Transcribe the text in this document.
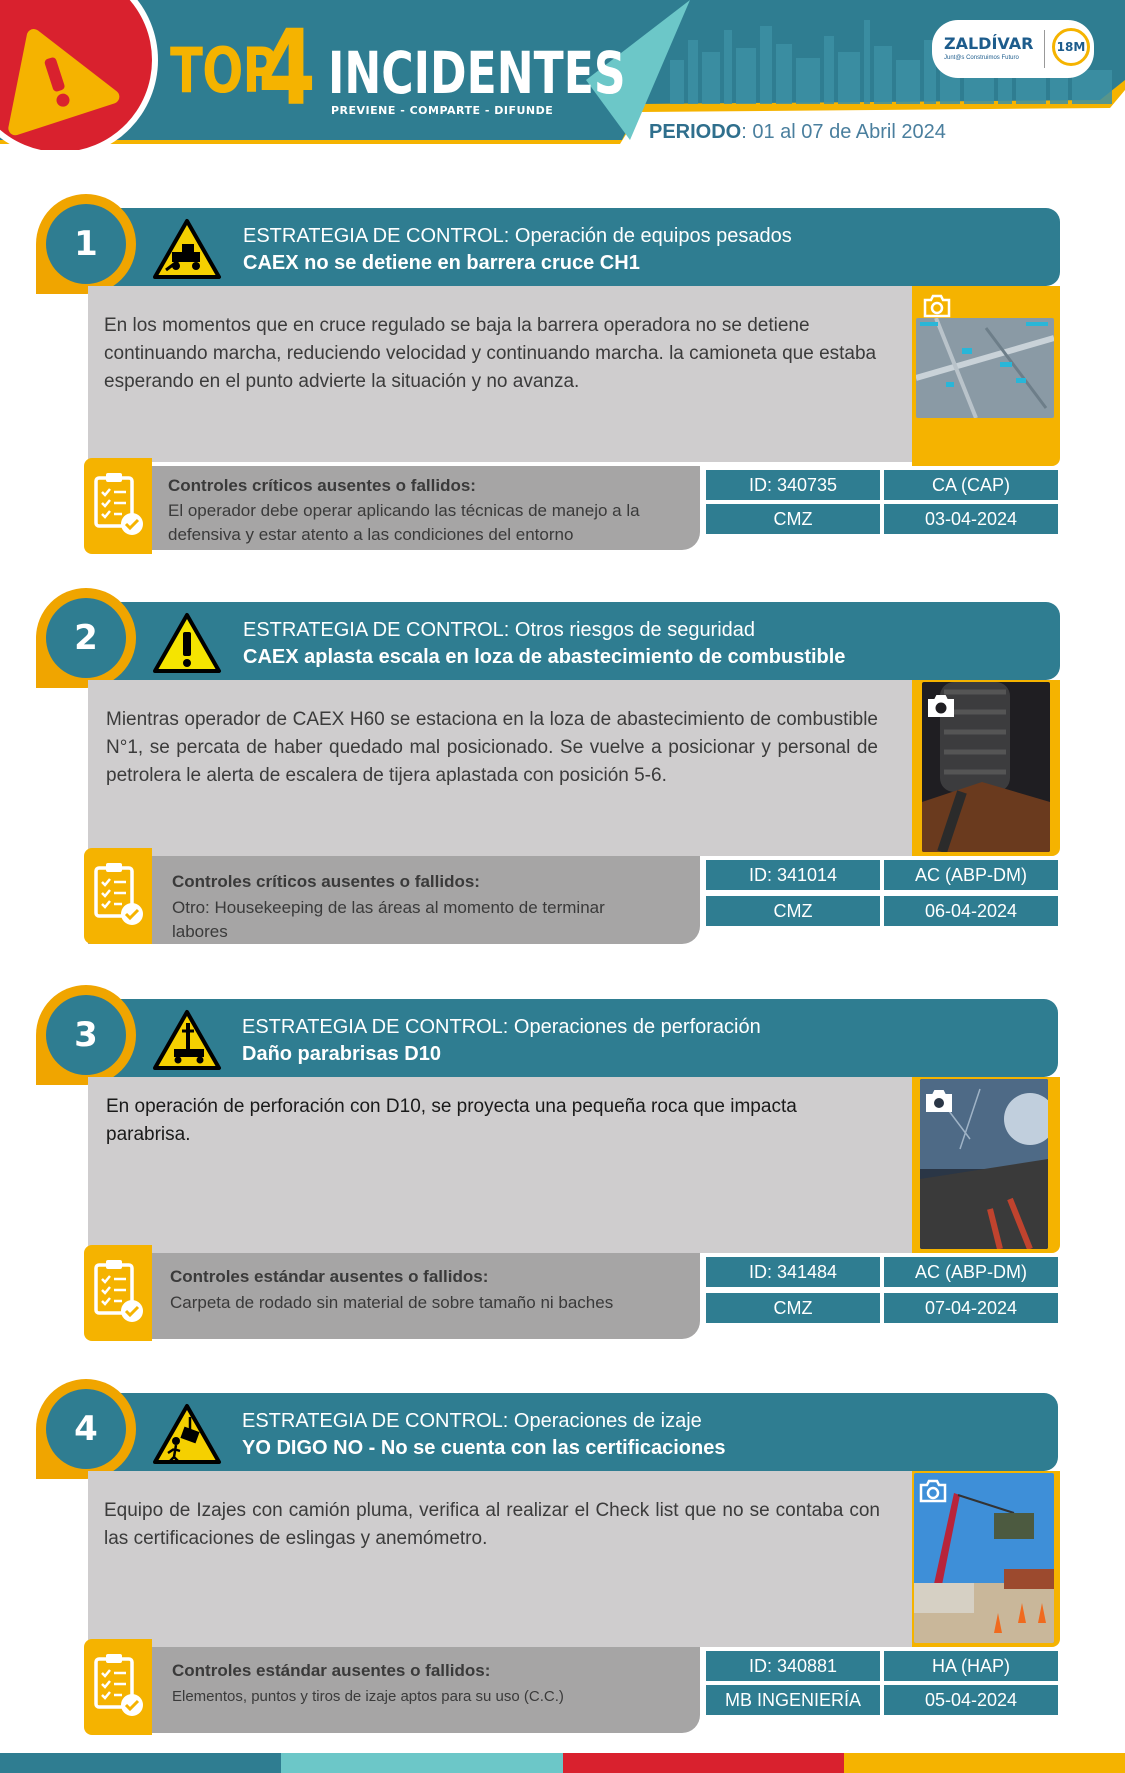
TOP
4 INCIDENTES
PREVIENE - COMPARTE - DIFUNDE
ZALDÍVAR
Junt@s Construimos Futuro
18M
PERIODO: 01 al 07 de Abril 2024
ESTRATEGIA DE CONTROL: Operación de equipos pesados
CAEX no se detiene en barrera cruce CH1
1
En los momentos que en cruce regulado se baja la barrera operadora no se detiene continuando marcha, reduciendo velocidad y continuando marcha. la camioneta que estaba esperando en el punto advierte la situación y no avanza.
Controles críticos ausentes o fallidos:
El operador debe operar aplicando las técnicas de manejo a la defensiva y estar atento a las condiciones del entorno
ID: 340735	CA (CAP)
CMZ	03-04-2024
ESTRATEGIA DE CONTROL: Otros riesgos de seguridad
CAEX aplasta escala en loza de abastecimiento de combustible
2
Mientras operador de CAEX H60 se estaciona en la loza de abastecimiento de combustible N°1, se percata de haber quedado mal posicionado. Se vuelve a posicionar y personal de petrolera le alerta de escalera de tijera aplastada con posición 5-6.
Controles críticos ausentes o fallidos:
Otro: Housekeeping de las áreas al momento de terminar labores
ID: 341014	AC (ABP-DM)
CMZ	06-04-2024
ESTRATEGIA DE CONTROL: Operaciones de perforación
Daño parabrisas D10
3
En operación de perforación con D10, se proyecta una pequeña roca que impacta parabrisa.
Controles estándar ausentes o fallidos:
Carpeta de rodado sin material de sobre tamaño ni baches
ID: 341484	AC (ABP-DM)
CMZ	07-04-2024
ESTRATEGIA DE CONTROL: Operaciones de izaje
YO DIGO NO - No se cuenta con las certificaciones
4
Equipo de Izajes con camión pluma, verifica al realizar el Check list que no se contaba con las certificaciones de eslingas y anemómetro.
Controles estándar ausentes o fallidos:
Elementos, puntos y tiros de izaje aptos para su uso (C.C.)
ID: 340881	HA (HAP)
MB INGENIERÍA	05-04-2024
